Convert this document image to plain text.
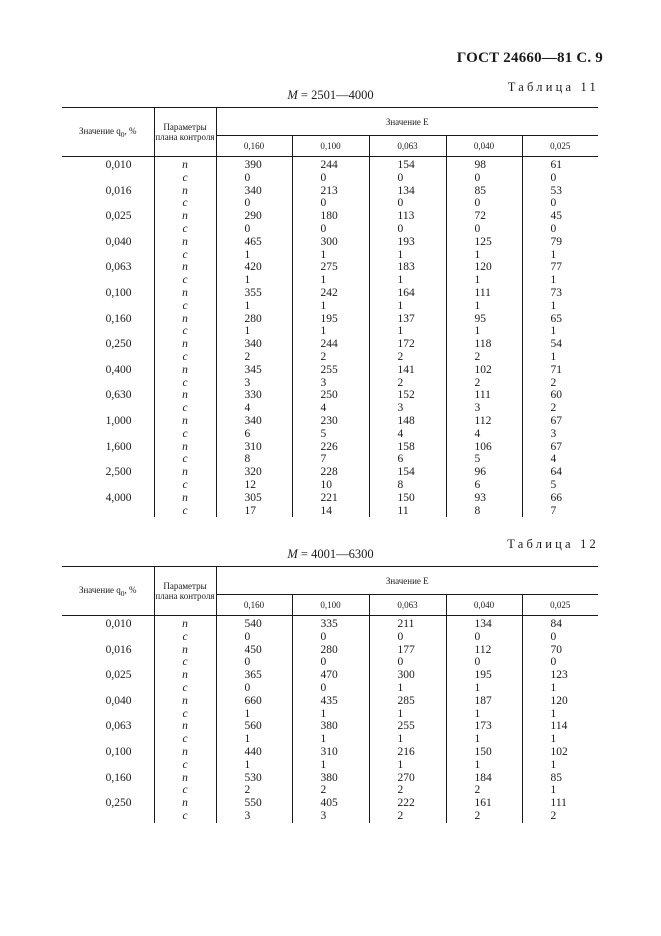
ГОСТ 24660—81 С. 9
Таблица 11
M = 2501—4000
Значение $q_0$, %	Параметры
плана контроля	Значение E				
		0,160	0,100	0,063	0,040	0,025
0,010	n	390	244	154	98	61
	c	0	0	0	0	0
0,016	n	340	213	134	85	53
	c	0	0	0	0	0
0,025	n	290	180	113	72	45
	c	0	0	0	0	0
0,040	n	465	300	193	125	79
	c	1	1	1	1	1
0,063	n	420	275	183	120	77
	c	1	1	1	1	1
0,100	n	355	242	164	111	73
	c	1	1	1	1	1
0,160	n	280	195	137	95	65
	c	1	1	1	1	1
0,250	n	340	244	172	118	54
	c	2	2	2	2	1
0,400	n	345	255	141	102	71
	c	3	3	2	2	2
0,630	n	330	250	152	111	60
	c	4	4	3	3	2
1,000	n	340	230	148	112	67
	c	6	5	4	4	3
1,600	n	310	226	158	106	67
	c	8	7	6	5	4
2,500	n	320	228	154	96	64
	c	12	10	8	6	5
4,000	n	305	221	150	93	66
	c	17	14	11	8	7
Таблица 12
M = 4001—6300
Значение $q_0$, %	Параметры
плана контроля	Значение E				
		0,160	0,100	0,063	0,040	0,025
0,010	n	540	335	211	134	84
	c	0	0	0	0	0
0,016	n	450	280	177	112	70
	c	0	0	0	0	0
0,025	n	365	470	300	195	123
	c	0	0	1	1	1
0,040	n	660	435	285	187	120
	c	1	1	1	1	1
0,063	n	560	380	255	173	114
	c	1	1	1	1	1
0,100	n	440	310	216	150	102
	c	1	1	1	1	1
0,160	n	530	380	270	184	85
	c	2	2	2	2	1
0,250	n	550	405	222	161	111
	c	3	3	2	2	2
